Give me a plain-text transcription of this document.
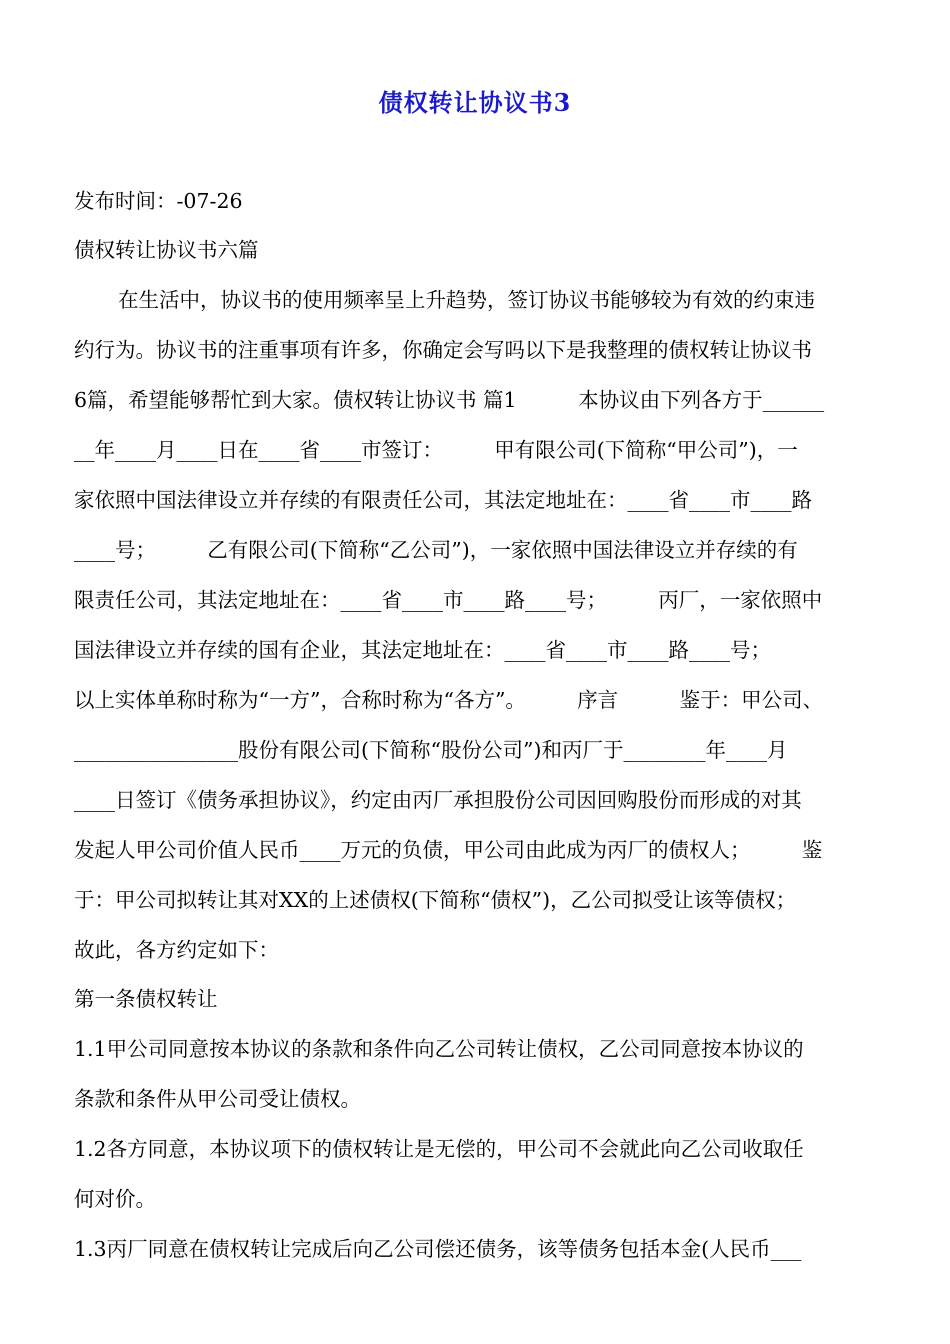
债权转让协议书3
发布时间：-07-26
债权转让协议书六篇
在生活中，协议书的使用频率呈上升趋势，签订协议书能够较为有效的约束违
约行为。协议书的注重事项有许多，你确定会写吗以下是我整理的债权转让协议书
6篇，希望能够帮忙到大家。债权转让协议书 篇1　　　本协议由下列各方于______
__年____月____日在____省____市签订：　　　甲有限公司(下简称“甲公司”)，一
家依照中国法律设立并存续的有限责任公司，其法定地址在：____省____市____路
____号；　　　乙有限公司(下简称“乙公司”)，一家依照中国法律设立并存续的有
限责任公司，其法定地址在：____省____市____路____号；　　　丙厂，一家依照中
国法律设立并存续的国有企业，其法定地址在：____省____市____路____号；
以上实体单称时称为“一方”，合称时称为“各方”。　　　序言　　　鉴于：甲公司、
________________股份有限公司(下简称“股份公司”)和丙厂于________年____月
____日签订《债务承担协议》，约定由丙厂承担股份公司因回购股份而形成的对其
发起人甲公司价值人民币____万元的负债，甲公司由此成为丙厂的债权人；　　　鉴
于：甲公司拟转让其对XX的上述债权(下简称“债权”)，乙公司拟受让该等债权；
故此，各方约定如下：
第一条债权转让
1.1甲公司同意按本协议的条款和条件向乙公司转让债权，乙公司同意按本协议的
条款和条件从甲公司受让债权。
1.2各方同意，本协议项下的债权转让是无偿的，甲公司不会就此向乙公司收取任
何对价。
1.3丙厂同意在债权转让完成后向乙公司偿还债务，该等债务包括本金(人民币___
